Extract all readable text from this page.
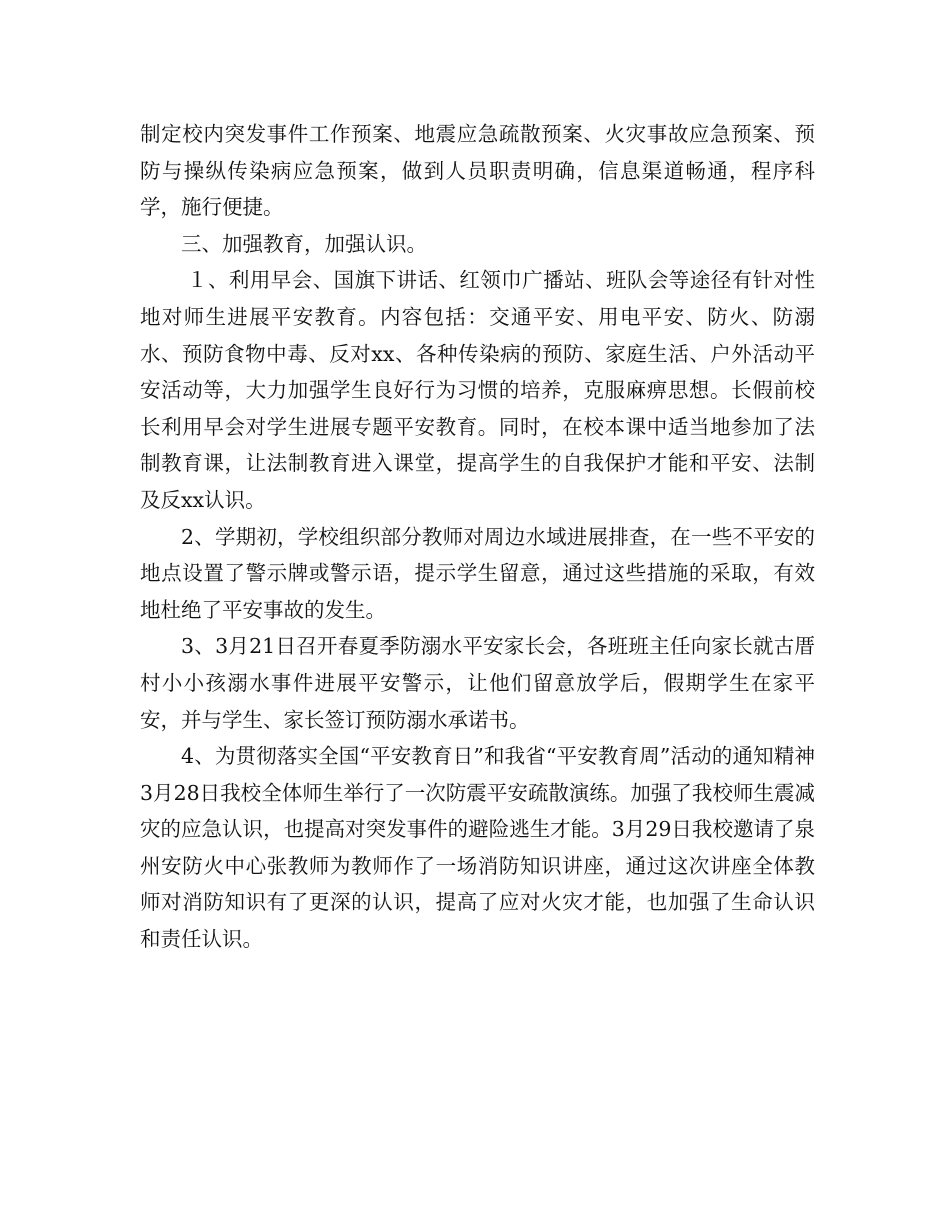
制定校内突发事件工作预案、地震应急疏散预案、火灾事故应急预案、预防与操纵传染病应急预案，做到人员职责明确，信息渠道畅通，程序科学，施行便捷。

三、加强教育，加强认识。

１、利用早会、国旗下讲话、红领巾广播站、班队会等途径有针对性地对师生进展平安教育。内容包括：交通平安、用电平安、防火、防溺水、预防食物中毒、反对xx、各种传染病的预防、家庭生活、户外活动平安活动等，大力加强学生良好行为习惯的培养，克服麻痹思想。长假前校长利用早会对学生进展专题平安教育。同时，在校本课中适当地参加了法制教育课，让法制教育进入课堂，提高学生的自我保护才能和平安、法制及反xx认识。

2、学期初，学校组织部分教师对周边水域进展排查，在一些不平安的地点设置了警示牌或警示语，提示学生留意，通过这些措施的采取，有效地杜绝了平安事故的发生。

3、3月21日召开春夏季防溺水平安家长会，各班班主任向家长就古厝村小小孩溺水事件进展平安警示，让他们留意放学后，假期学生在家平安，并与学生、家长签订预防溺水承诺书。

4、为贯彻落实全国“平安教育日”和我省“平安教育周”活动的通知精神3月28日我校全体师生举行了一次防震平安疏散演练。加强了我校师生震减灾的应急认识，也提高对突发事件的避险逃生才能。3月29日我校邀请了泉州安防火中心张教师为教师作了一场消防知识讲座，通过这次讲座全体教师对消防知识有了更深的认识，提高了应对火灾才能，也加强了生命认识和责任认识。
